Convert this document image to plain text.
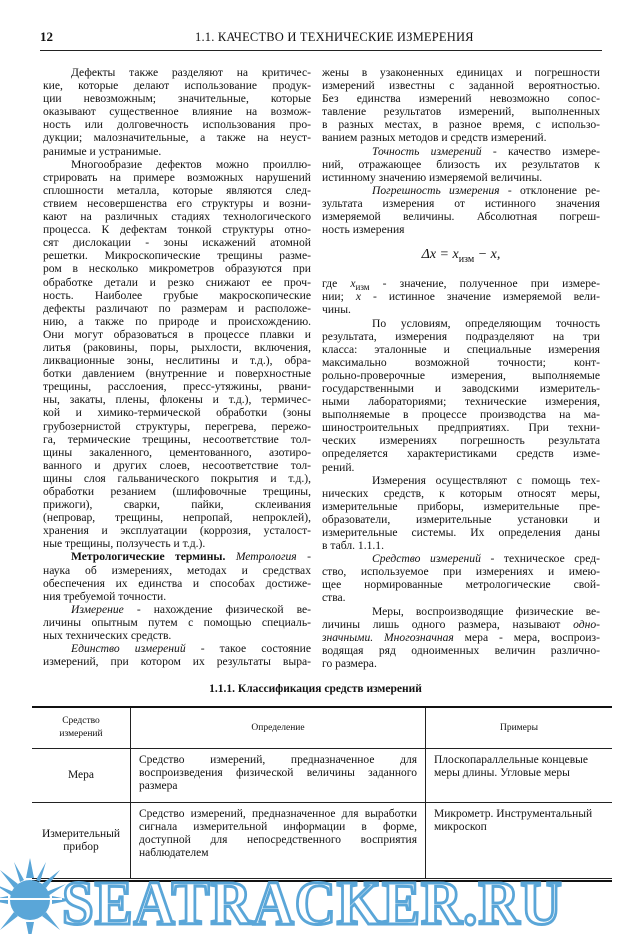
12	1.1. КАЧЕСТВО И ТЕХНИЧЕСКИЕ ИЗМЕРЕНИЯ
Дефекты также разделяют на критичес-
кие, которые делают использование продук-
ции невозможным; значительные, которые
оказывают существенное влияние на возмож-
ность или долговечность использования про-
дукции; малозначительные, а также на неуст-
ранимые и устранимые.
Многообразие дефектов можно проиллю-
стрировать на примере возможных нарушений
сплошности металла, которые являются след-
ствием несовершенства его структуры и возни-
кают на различных стадиях технологического
процесса. К дефектам тонкой структуры отно-
сят дислокации - зоны искажений атомной
решетки. Микроскопические трещины разме-
ром в несколько микрометров образуются при
обработке детали и резко снижают ее проч-
ность. Наиболее грубые макроскопические
дефекты различают по размерам и расположе-
нию, а также по природе и происхождению.
Они могут образоваться в процессе плавки и
литья (раковины, поры, рыхлости, включения,
ликвационные зоны, неслитины и т.д.), обра-
ботки давлением (внутренние и поверхностные
трещины, расслоения, пресс-утяжины, рвани-
ны, закаты, плены, флокены и т.д.), термичес-
кой и химико-термической обработки (зоны
грубозернистой структуры, перегрева, пережо-
га, термические трещины, несоответствие тол-
щины закаленного, цементованного, азотиро-
ванного и других слоев, несоответствие тол-
щины слоя гальванического покрытия и т.д.),
обработки резанием (шлифовочные трещины,
прижоги), сварки, пайки, склеивания
(непровар, трещины, непропай, непроклей),
хранения и эксплуатации (коррозия, усталост-
ные трещины, ползучесть и т.д.).
Метрологические термины. Метрология -
наука об измерениях, методах и средствах
обеспечения их единства и способах достиже-
ния требуемой точности.
Измерение - нахождение физической ве-
личины опытным путем с помощью специаль-
ных технических средств.
Единство измерений - такое состояние
измерений, при котором их результаты выра-
жены в узаконенных единицах и погрешности
измерений известны с заданной вероятностью.
Без единства измерений невозможно сопос-
тавление результатов измерений, выполненных
в разных местах, в разное время, с использо-
ванием разных методов и средств измерений.
Точность измерений - качество измере-
ний, отражающее близость их результатов к
истинному значению измеряемой величины.
Погрешность измерения - отклонение ре-
зультата измерения от истинного значения
измеряемой величины. Абсолютная погреш-
ность измерения
$\Delta x = x_{изм} - x$,
где $x_{изм}$ - значение, полученное при измере-
нии; x - истинное значение измеряемой вели-
чины.
По условиям, определяющим точность
результата, измерения подразделяют на три
класса: эталонные и специальные измерения
максимально возможной точности; конт-
рольно-проверочные измерения, выполняемые
государственными и заводскими измеритель-
ными лабораториями; технические измерения,
выполняемые в процессе производства на ма-
шиностроительных предприятиях. При техни-
ческих измерениях погрешность результата
определяется характеристиками средств изме-
рений.
Измерения осуществляют с помощь тех-
нических средств, к которым относят меры,
измерительные приборы, измерительные пре-
образователи, измерительные установки и
измерительные системы. Их определения даны
в табл. 1.1.1.
Средство измерений - техническое сред-
ство, используемое при измерениях и имею-
щее нормированные метрологические свой-
ства.
Меры, воспроизводящие физические ве-
личины лишь одного размера, называют одно-
значными. Многозначная мера - мера, воспроиз-
водящая ряд одноименных величин различно-
го размера.
1.1.1. Классификация средств измерений
Средство измерений	Определение	Примеры
Мера	Средство измерений, предназначенное для воспроизведения физической величины заданного размера	Плоскопараллельные концевые меры длины. Угловые меры
Измерительный прибор	Средство измерений, предназначенное для выработки сигнала измерительной информации в форме, доступной для непосредственного восприятия наблюдателем	Микрометр. Инструментальный микроскоп
SEATRACKER.RU
